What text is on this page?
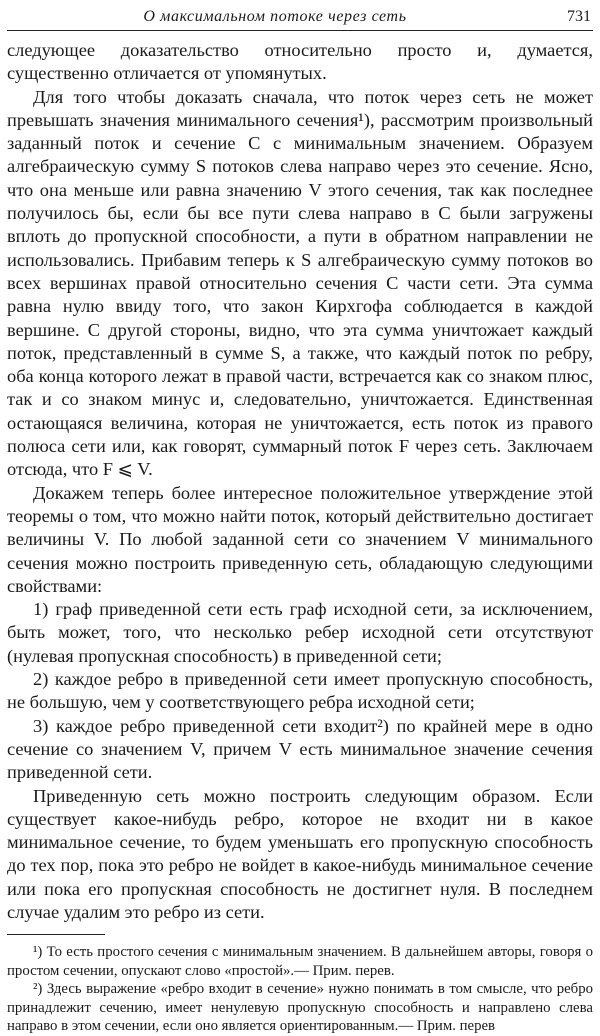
О максимальном потоке через сеть	731

следующее доказательство относительно просто и, думается, существенно отличается от упомянутых.

Для того чтобы доказать сначала, что поток через сеть не может превышать значения минимального сечения¹), рассмотрим произвольный заданный поток и сечение C с минимальным значением. Образуем алгебраическую сумму S потоков слева направо через это сечение. Ясно, что она меньше или равна значению V этого сечения, так как последнее получилось бы, если бы все пути слева направо в C были загружены вплоть до пропускной способности, а пути в обратном направлении не использовались. Прибавим теперь к S алгебраическую сумму потоков во всех вершинах правой относительно сечения C части сети. Эта сумма равна нулю ввиду того, что закон Кирхгофа соблюдается в каждой вершине. С другой стороны, видно, что эта сумма уничтожает каждый поток, представленный в сумме S, а также, что каждый поток по ребру, оба конца которого лежат в правой части, встречается как со знаком плюс, так и со знаком минус и, следовательно, уничтожается. Единственная остающаяся величина, которая не уничтожается, есть поток из правого полюса сети или, как говорят, суммарный поток F через сеть. Заключаем отсюда, что F ⩽ V.

Докажем теперь более интересное положительное утверждение этой теоремы о том, что можно найти поток, который действительно достигает величины V. По любой заданной сети со значением V минимального сечения можно построить приведенную сеть, обладающую следующими свойствами:

1) граф приведенной сети есть граф исходной сети, за исключением, быть может, того, что несколько ребер исходной сети отсутствуют (нулевая пропускная способность) в приведенной сети;

2) каждое ребро в приведенной сети имеет пропускную способность, не большую, чем у соответствующего ребра исходной сети;

3) каждое ребро приведенной сети входит²) по крайней мере в одно сечение со значением V, причем V есть минимальное значение сечения приведенной сети.

Приведенную сеть можно построить следующим образом. Если существует какое-нибудь ребро, которое не входит ни в какое минимальное сечение, то будем уменьшать его пропускную способность до тех пор, пока это ребро не войдет в какое-нибудь минимальное сечение или пока его пропускная способность не достигнет нуля. В последнем случае удалим это ребро из сети.

¹) То есть простого сечения с минимальным значением. В дальнейшем авторы, говоря о простом сечении, опускают слово «простой».— Прим. перев.

²) Здесь выражение «ребро входит в сечение» нужно понимать в том смысле, что ребро принадлежит сечению, имеет ненулевую пропускную способность и направлено слева направо в этом сечении, если оно является ориентированным.— Прим. перев
